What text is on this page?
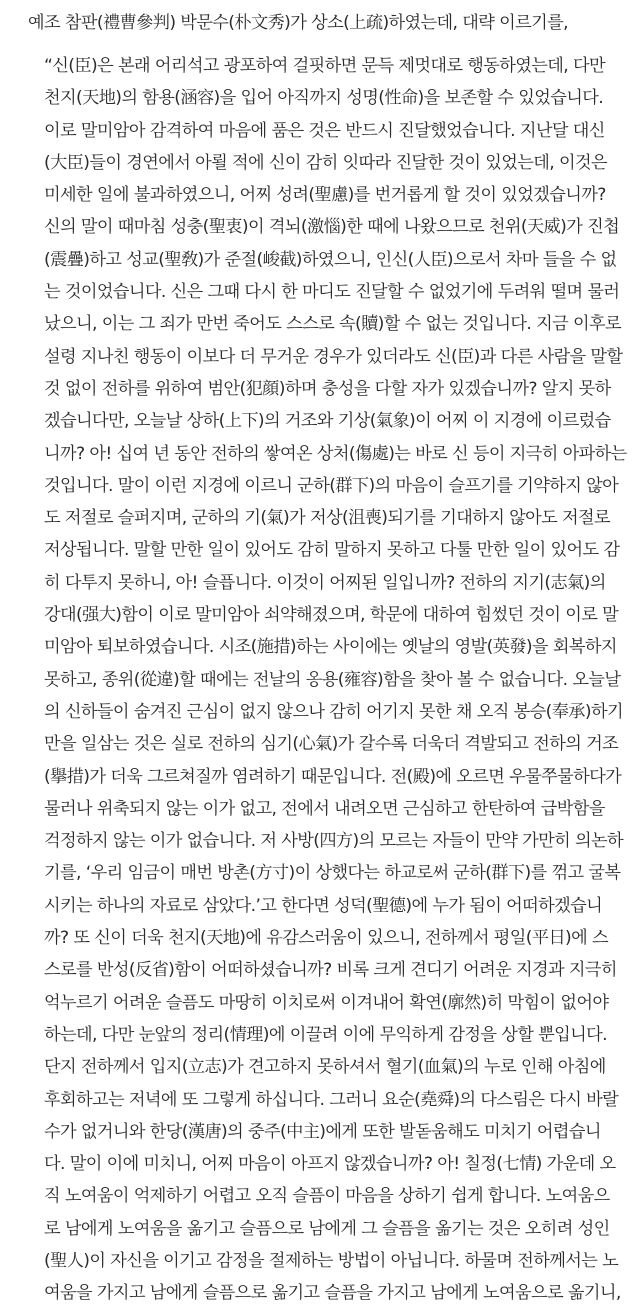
예조 참판(禮曹參判) 박문수(朴文秀)가 상소(上疏)하였는데, 대략 이르기를,

“신(臣)은 본래 어리석고 광포하여 걸핏하면 문득 제멋대로 행동하였는데, 다만
천지(天地)의 함용(涵容)을 입어 아직까지 성명(性命)을 보존할 수 있었습니다.
이로 말미암아 감격하여 마음에 품은 것은 반드시 진달했었습니다. 지난달 대신
(大臣)들이 경연에서 아뢸 적에 신이 감히 잇따라 진달한 것이 있었는데, 이것은
미세한 일에 불과하였으니, 어찌 성려(聖慮)를 번거롭게 할 것이 있었겠습니까?
신의 말이 때마침 성충(聖衷)이 격뇌(激惱)한 때에 나왔으므로 천위(天威)가 진첩
(震疊)하고 성교(聖敎)가 준절(峻截)하였으니, 인신(人臣)으로서 차마 들을 수 없
는 것이었습니다. 신은 그때 다시 한 마디도 진달할 수 없었기에 두려워 떨며 물러
났으니, 이는 그 죄가 만번 죽어도 스스로 속(贖)할 수 없는 것입니다. 지금 이후로
설령 지나친 행동이 이보다 더 무거운 경우가 있더라도 신(臣)과 다른 사람을 말할
것 없이 전하를 위하여 범안(犯顔)하며 충성을 다할 자가 있겠습니까? 알지 못하
겠습니다만, 오늘날 상하(上下)의 거조와 기상(氣象)이 어찌 이 지경에 이르렀습
니까? 아! 십여 년 동안 전하의 쌓여온 상처(傷處)는 바로 신 등이 지극히 아파하는
것입니다. 말이 이런 지경에 이르니 군하(群下)의 마음이 슬프기를 기약하지 않아
도 저절로 슬퍼지며, 군하의 기(氣)가 저상(沮喪)되기를 기대하지 않아도 저절로
저상됩니다. 말할 만한 일이 있어도 감히 말하지 못하고 다툴 만한 일이 있어도 감
히 다투지 못하니, 아! 슬픕니다. 이것이 어찌된 일입니까? 전하의 지기(志氣)의
강대(强大)함이 이로 말미암아 쇠약해졌으며, 학문에 대하여 힘썼던 것이 이로 말
미암아 퇴보하였습니다. 시조(施措)하는 사이에는 옛날의 영발(英發)을 회복하지
못하고, 종위(從違)할 때에는 전날의 옹용(雍容)함을 찾아 볼 수 없습니다. 오늘날
의 신하들이 숨겨진 근심이 없지 않으나 감히 어기지 못한 채 오직 봉승(奉承)하기
만을 일삼는 것은 실로 전하의 심기(心氣)가 갈수록 더욱더 격발되고 전하의 거조
(擧措)가 더욱 그르쳐질까 염려하기 때문입니다. 전(殿)에 오르면 우물쭈물하다가
물러나 위축되지 않는 이가 없고, 전에서 내려오면 근심하고 한탄하여 급박함을
걱정하지 않는 이가 없습니다. 저 사방(四方)의 모르는 자들이 만약 가만히 의논하
기를, ‘우리 임금이 매번 방촌(方寸)이 상했다는 하교로써 군하(群下)를 꺾고 굴복
시키는 하나의 자료로 삼았다.’고 한다면 성덕(聖德)에 누가 됨이 어떠하겠습니
까? 또 신이 더욱 천지(天地)에 유감스러움이 있으니, 전하께서 평일(平日)에 스
스로를 반성(反省)함이 어떠하셨습니까? 비록 크게 견디기 어려운 지경과 지극히
억누르기 어려운 슬픔도 마땅히 이치로써 이겨내어 확연(廓然)히 막힘이 없어야
하는데, 다만 눈앞의 정리(情理)에 이끌려 이에 무익하게 감정을 상할 뿐입니다.
단지 전하께서 입지(立志)가 견고하지 못하셔서 혈기(血氣)의 누로 인해 아침에
후회하고는 저녁에 또 그렇게 하십니다. 그러니 요순(堯舜)의 다스림은 다시 바랄
수가 없거니와 한당(漢唐)의 중주(中主)에게 또한 발돋움해도 미치기 어렵습니
다. 말이 이에 미치니, 어찌 마음이 아프지 않겠습니까? 아! 칠정(七情) 가운데 오
직 노여움이 억제하기 어렵고 오직 슬픔이 마음을 상하기 쉽게 합니다. 노여움으
로 남에게 노여움을 옮기고 슬픔으로 남에게 그 슬픔을 옮기는 것은 오히려 성인
(聖人)이 자신을 이기고 감정을 절제하는 방법이 아닙니다. 하물며 전하께서는 노
여움을 가지고 남에게 슬픔으로 옮기고 슬픔을 가지고 남에게 노여움으로 옮기니,
